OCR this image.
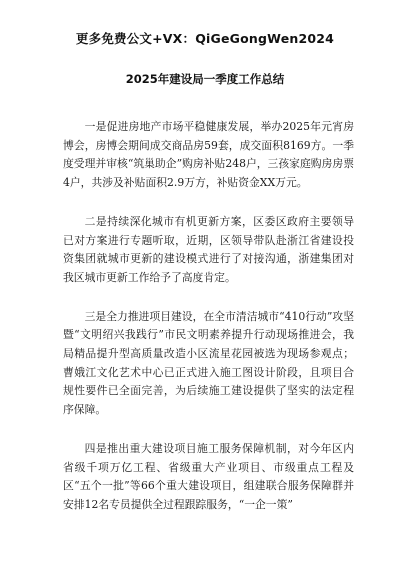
更多免费公文+VX：QiGeGongWen2024
2025年建设局一季度工作总结

一是促进房地产市场平稳健康发展，举办2025年元宵房博会，房博会期间成交商品房59套，成交面积8169方。一季度受理并审核“筑巢助企”购房补贴248户，三孩家庭购房房票4户，共涉及补贴面积2.9万方，补贴资金XX万元。

二是持续深化城市有机更新方案，区委区政府主要领导已对方案进行专题听取，近期，区领导带队赴浙江省建设投资集团就城市更新的建设模式进行了对接沟通，浙建集团对我区城市更新工作给予了高度肯定。

三是全力推进项目建设，在全市清洁城市“410行动”攻坚暨“文明绍兴我践行”市民文明素养提升行动现场推进会，我局精品提升型高质量改造小区流星花园被选为现场参观点；曹娥江文化艺术中心已正式进入施工图设计阶段，且项目合规性要件已全面完善，为后续施工建设提供了坚实的法定程序保障。

四是推出重大建设项目施工服务保障机制，对今年区内省级千项万亿工程、省级重大产业项目、市级重点工程及区“五个一批”等66个重大建设项目，组建联合服务保障群并安排12名专员提供全过程跟踪服务，“一企一策”
